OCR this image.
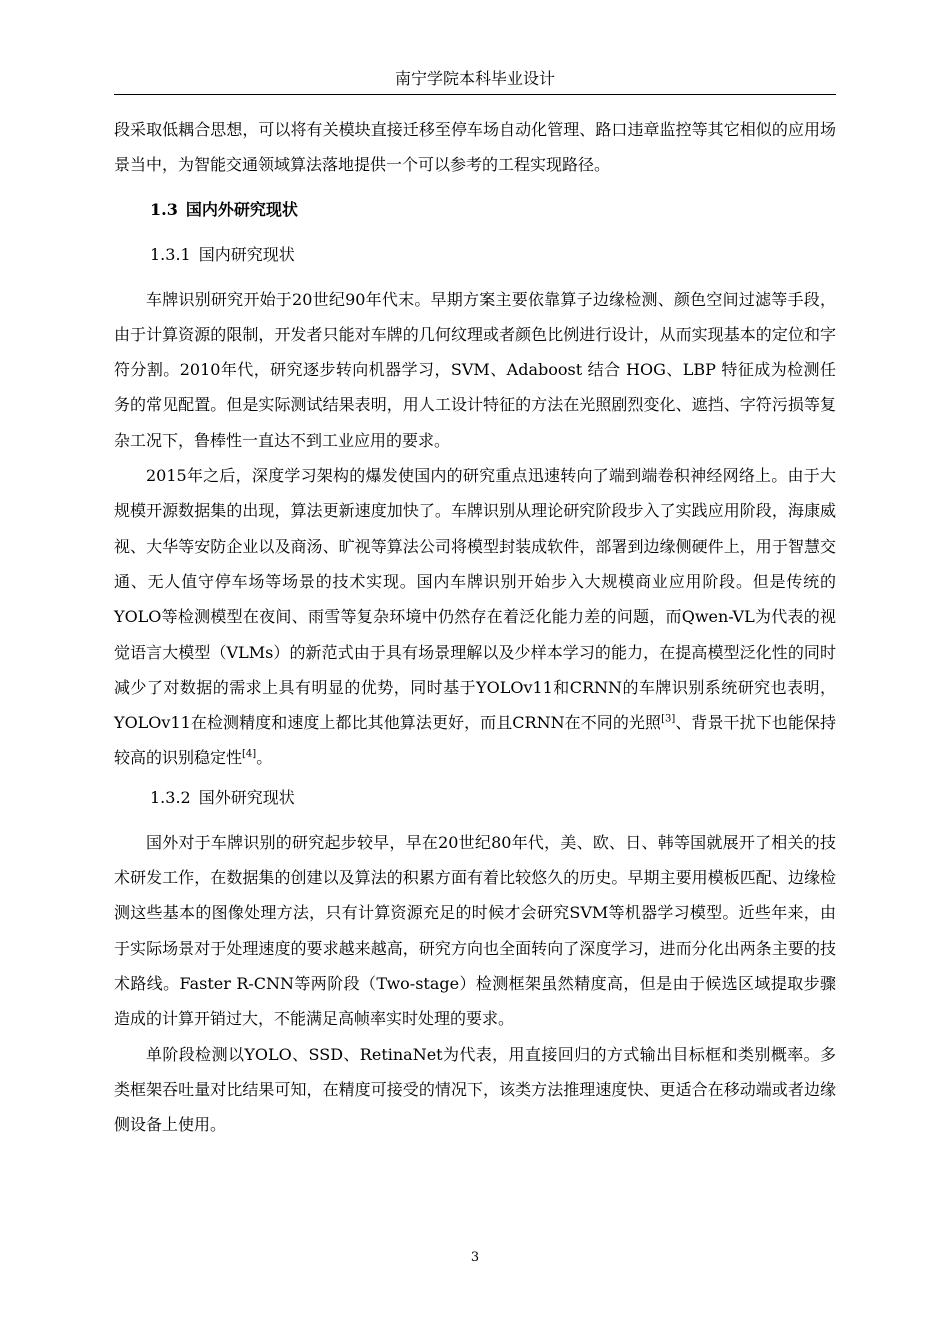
南宁学院本科毕业设计

段采取低耦合思想，可以将有关模块直接迁移至停车场自动化管理、路口违章监控等其它相似的应用场景当中，为智能交通领域算法落地提供一个可以参考的工程实现路径。

1.3 国内外研究现状

1.3.1 国内研究现状

车牌识别研究开始于20世纪90年代末。早期方案主要依靠算子边缘检测、颜色空间过滤等手段，由于计算资源的限制，开发者只能对车牌的几何纹理或者颜色比例进行设计，从而实现基本的定位和字符分割。2010年代，研究逐步转向机器学习，SVM、Adaboost 结合 HOG、LBP 特征成为检测任务的常见配置。但是实际测试结果表明，用人工设计特征的方法在光照剧烈变化、遮挡、字符污损等复杂工况下，鲁棒性一直达不到工业应用的要求。

2015年之后，深度学习架构的爆发使国内的研究重点迅速转向了端到端卷积神经网络上。由于大规模开源数据集的出现，算法更新速度加快了。车牌识别从理论研究阶段步入了实践应用阶段，海康威视、大华等安防企业以及商汤、旷视等算法公司将模型封装成软件，部署到边缘侧硬件上，用于智慧交通、无人值守停车场等场景的技术实现。国内车牌识别开始步入大规模商业应用阶段。但是传统的YOLO等检测模型在夜间、雨雪等复杂环境中仍然存在着泛化能力差的问题，而Qwen-VL为代表的视觉语言大模型（VLMs）的新范式由于具有场景理解以及少样本学习的能力，在提高模型泛化性的同时减少了对数据的需求上具有明显的优势，同时基于YOLOv11和CRNN的车牌识别系统研究也表明，YOLOv11在检测精度和速度上都比其他算法更好，而且CRNN在不同的光照[3]、背景干扰下也能保持较高的识别稳定性[4]。

1.3.2 国外研究现状

国外对于车牌识别的研究起步较早，早在20世纪80年代，美、欧、日、韩等国就展开了相关的技术研发工作，在数据集的创建以及算法的积累方面有着比较悠久的历史。早期主要用模板匹配、边缘检测这些基本的图像处理方法，只有计算资源充足的时候才会研究SVM等机器学习模型。近些年来，由于实际场景对于处理速度的要求越来越高，研究方向也全面转向了深度学习，进而分化出两条主要的技术路线。Faster R-CNN等两阶段（Two-stage）检测框架虽然精度高，但是由于候选区域提取步骤造成的计算开销过大，不能满足高帧率实时处理的要求。

单阶段检测以YOLO、SSD、RetinaNet为代表，用直接回归的方式输出目标框和类别概率。多类框架吞吐量对比结果可知，在精度可接受的情况下，该类方法推理速度快、更适合在移动端或者边缘侧设备上使用。

3
